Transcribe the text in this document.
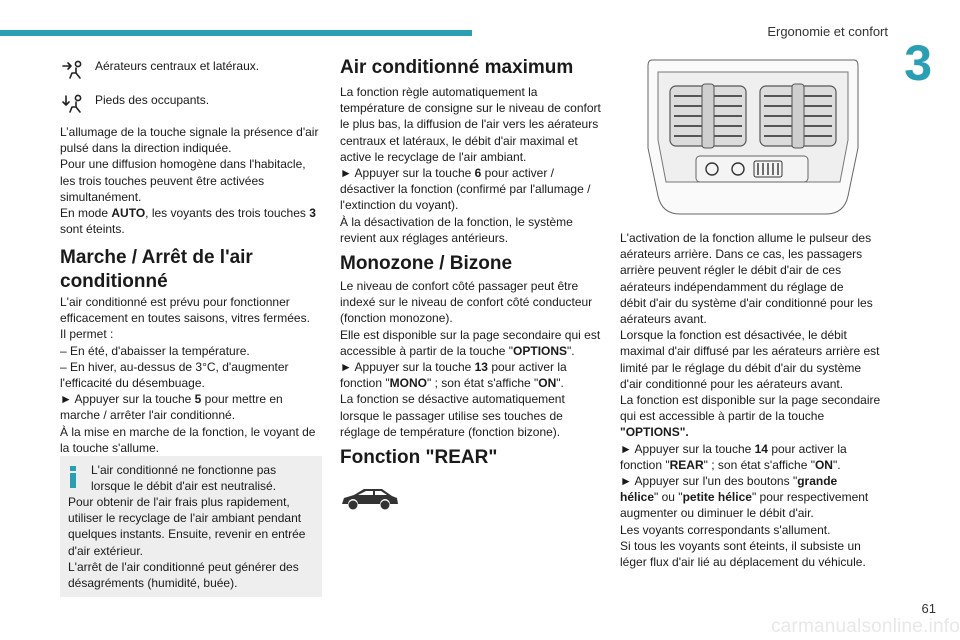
Ergonomie et confort
3
Aérateurs centraux et latéraux.
Pieds des occupants.

L’allumage de la touche signale la présence d'air

pulsé dans la direction indiquée.

Pour une diffusion homogène dans l'habitacle,

les trois touches peuvent être activées

simultanément.

En mode AUTO, les voyants des trois touches 3

sont éteints.

Marche / Arrêt de l'air
conditionné

L'air conditionné est prévu pour fonctionner

efficacement en toutes saisons, vitres fermées.

Il permet :

– En été, d'abaisser la température.

– En hiver, au-dessus de 3°C, d'augmenter

l'efficacité du désembuage.

► Appuyer sur la touche 5 pour mettre en

marche / arrêter l'air conditionné.

À la mise en marche de la fonction, le voyant de

la touche s'allume.

L'air conditionné ne fonctionne pas

lorsque le débit d'air est neutralisé.

Pour obtenir de l'air frais plus rapidement,

utiliser le recyclage de l'air ambiant pendant

quelques instants. Ensuite, revenir en entrée

d'air extérieur.

L'arrêt de l'air conditionné peut générer des

désagréments (humidité, buée).

Air conditionné maximum

La fonction règle automatiquement la

température de consigne sur le niveau de confort

le plus bas, la diffusion de l'air vers les aérateurs

centraux et latéraux, le débit d'air maximal et

active le recyclage de l'air ambiant.

► Appuyer sur la touche 6 pour activer /

désactiver la fonction (confirmé par l'allumage /

l'extinction du voyant).

À la désactivation de la fonction, le système

revient aux réglages antérieurs.

Monozone / Bizone

Le niveau de confort côté passager peut être

indexé sur le niveau de confort côté conducteur

(fonction monozone).

Elle est disponible sur la page secondaire qui est

accessible à partir de la touche "OPTIONS".

► Appuyer sur la touche 13 pour activer la

fonction "MONO" ; son état s'affiche "ON".

La fonction se désactive automatiquement

lorsque le passager utilise ses touches de

réglage de température (fonction bizone).

Fonction "REAR"

L'activation de la fonction allume le pulseur des

aérateurs arrière. Dans ce cas, les passagers

arrière peuvent régler le débit d'air de ces

aérateurs indépendamment du réglage de

débit d'air du système d'air conditionné pour les

aérateurs avant.

Lorsque la fonction est désactivée, le débit

maximal d'air diffusé par les aérateurs arrière est

limité par le réglage du débit d'air du système

d'air conditionné pour les aérateurs avant.

La fonction est disponible sur la page secondaire

qui est accessible à partir de la touche

"OPTIONS".

► Appuyer sur la touche 14 pour activer la

fonction "REAR" ; son état s'affiche "ON".

► Appuyer sur l'un des boutons "grande

hélice" ou "petite hélice" pour respectivement

augmenter ou diminuer le débit d'air.

Les voyants correspondants s'allument.

Si tous les voyants sont éteints, il subsiste un

léger flux d'air lié au déplacement du véhicule.

61
carmanualsonline.info
